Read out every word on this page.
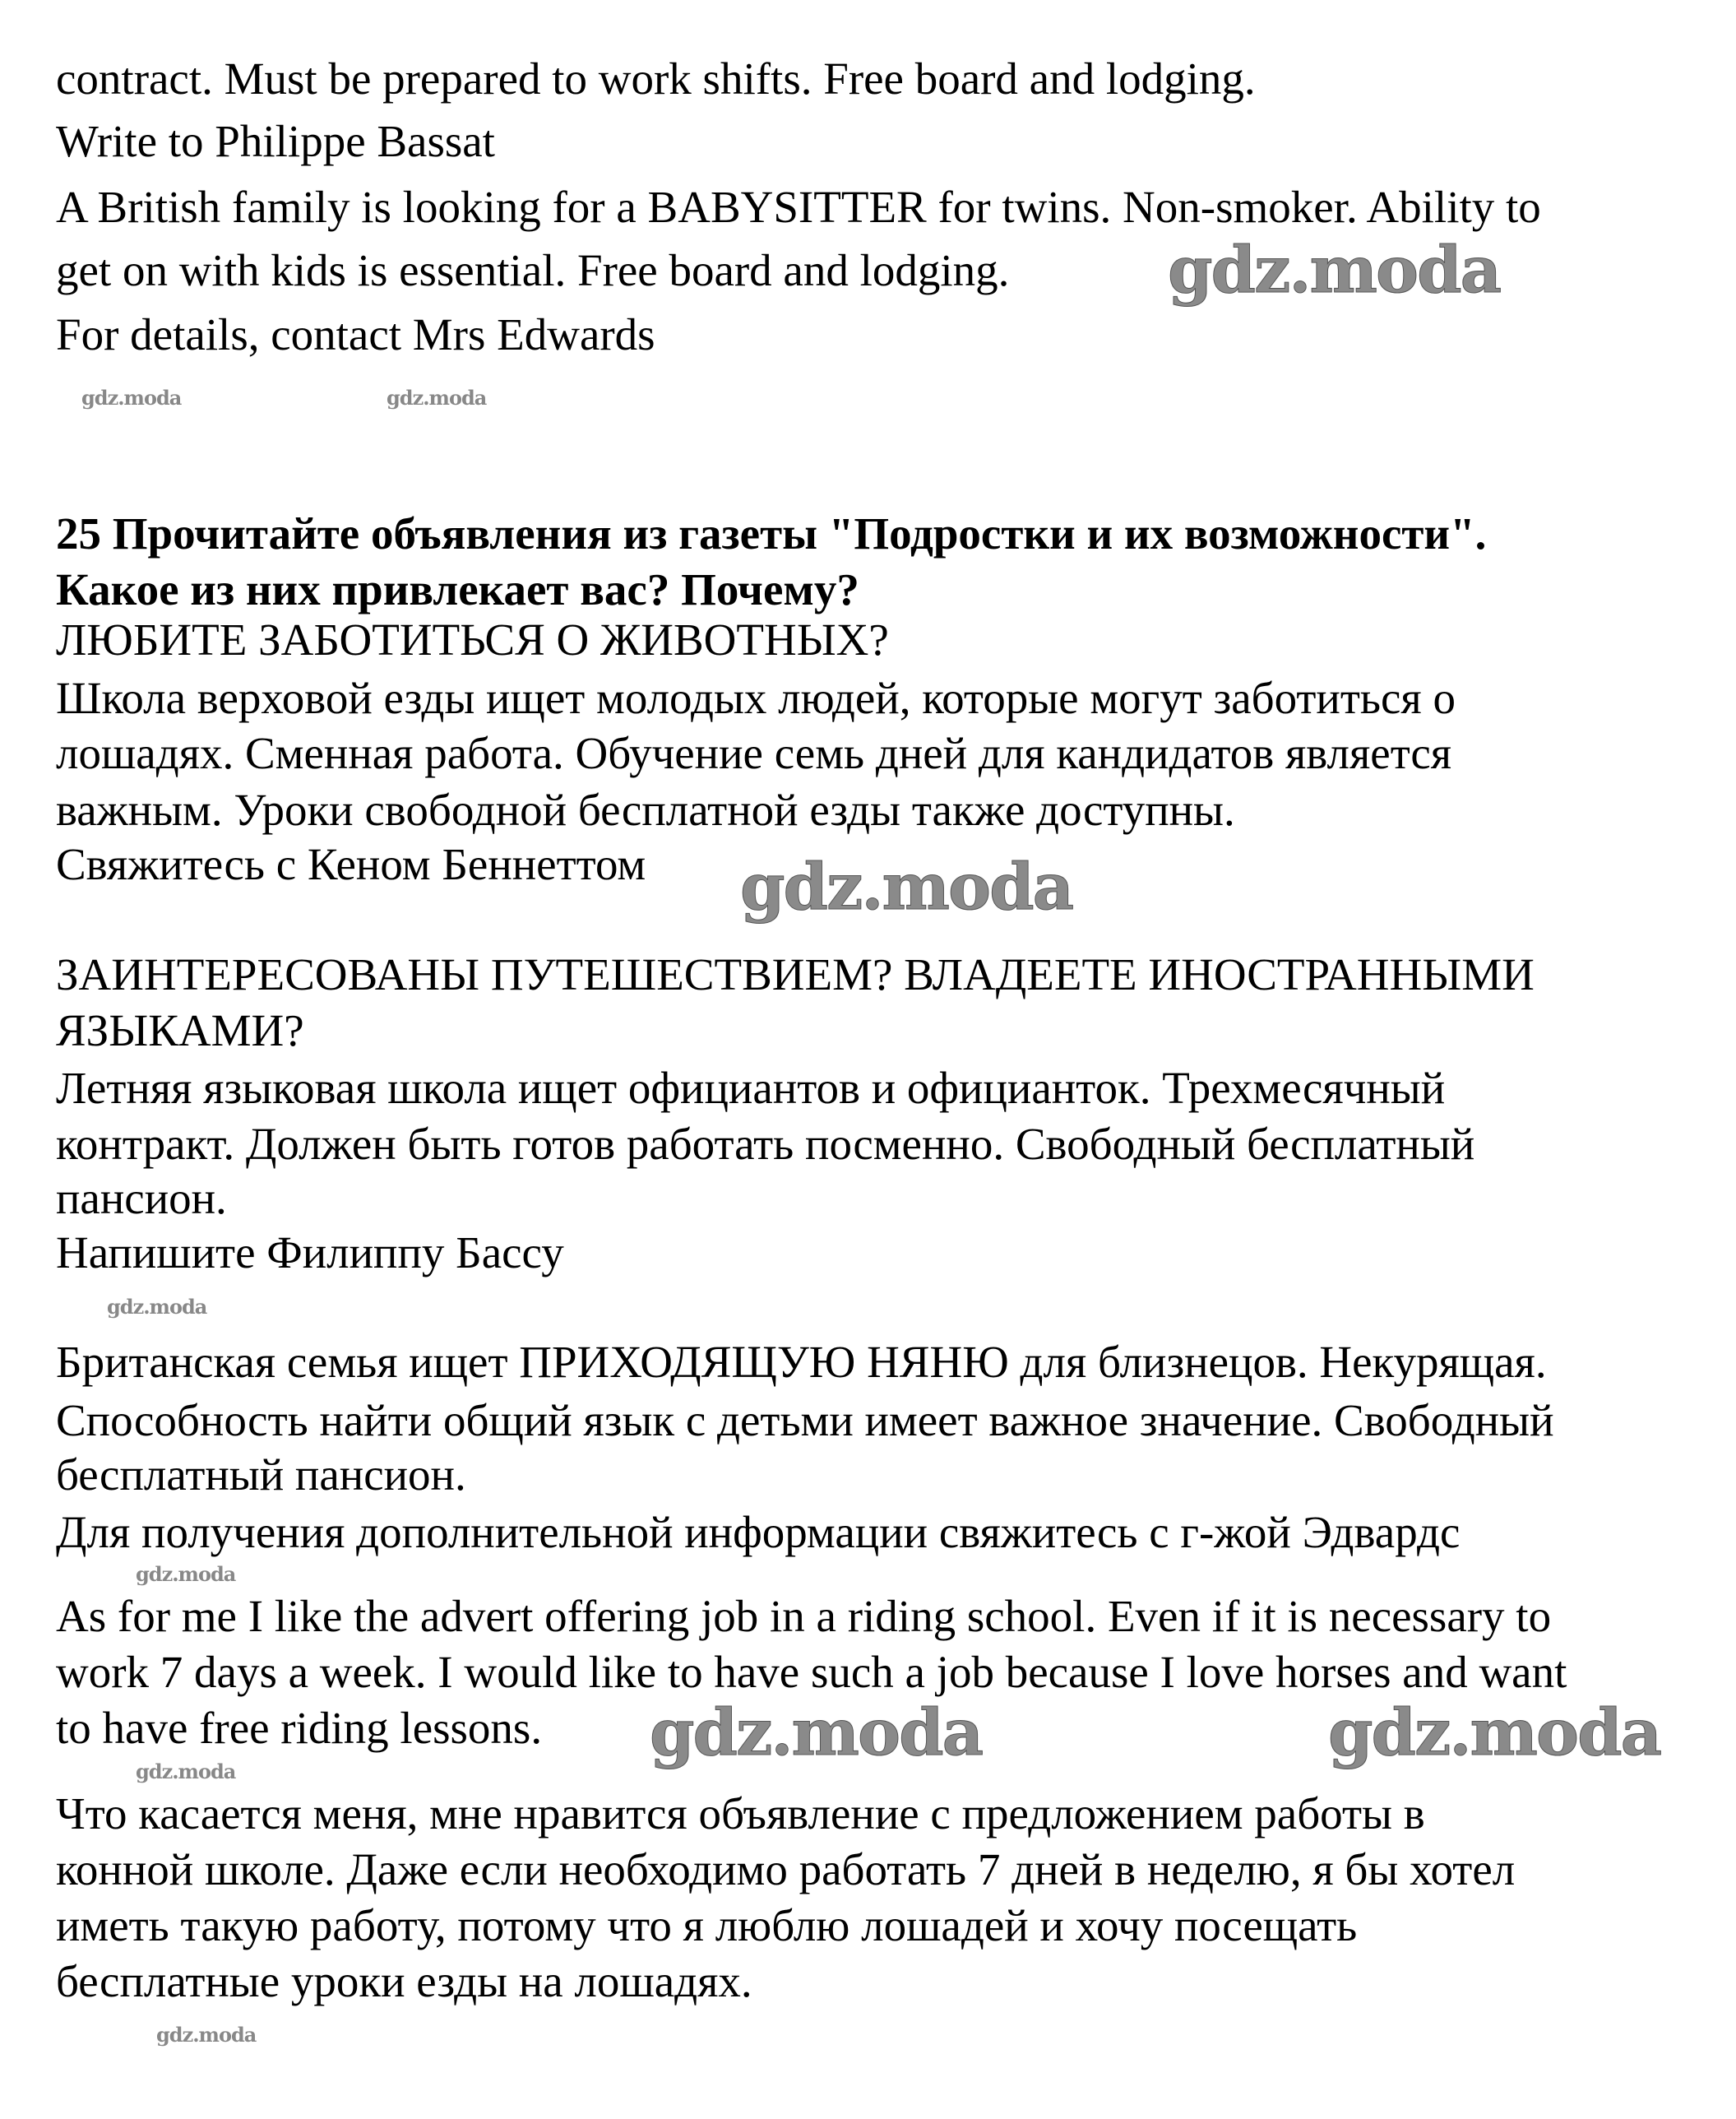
contract. Must be prepared to work shifts. Free board and lodging.
Write to Philippe Bassat
A British family is looking for a BABYSITTER for twins. Non-smoker. Ability to
get on with kids is essential. Free board and lodging.
For details, contact Mrs Edwards
25 Прочитайте объявления из газеты "Подростки и их возможности".
Какое из них привлекает вас? Почему?
ЛЮБИТЕ ЗАБОТИТЬСЯ О ЖИВОТНЫХ?
Школа верховой езды ищет молодых людей, которые могут заботиться о
лошадях. Сменная работа. Обучение семь дней для кандидатов является
важным. Уроки свободной бесплатной езды также доступны.
Свяжитесь с Кеном Беннеттом
ЗАИНТЕРЕСОВАНЫ ПУТЕШЕСТВИЕМ? ВЛАДЕЕТЕ ИНОСТРАННЫМИ
ЯЗЫКАМИ?
Летняя языковая школа ищет официантов и официанток. Трехмесячный
контракт. Должен быть готов работать посменно. Свободный бесплатный
пансион.
Напишите Филиппу Бассу
Британская семья ищет ПРИХОДЯЩУЮ НЯНЮ для близнецов. Некурящая.
Способность найти общий язык с детьми имеет важное значение. Свободный
бесплатный пансион.
Для получения дополнительной информации свяжитесь с г-жой Эдвардс
As for me I like the advert offering job in a riding school. Even if it is necessary to
work 7 days a week. I would like to have such a job because I love horses and want
to have free riding lessons.
Что касается меня, мне нравится объявление с предложением работы в
конной школе. Даже если необходимо работать 7 дней в неделю, я бы хотел
иметь такую работу, потому что я люблю лошадей и хочу посещать
бесплатные уроки езды на лошадях.
gdz.moda
gdz.moda
gdz.moda	gdz.moda
gdz.moda	gdz.moda
gdz.moda
gdz.moda
gdz.moda
gdz.moda
